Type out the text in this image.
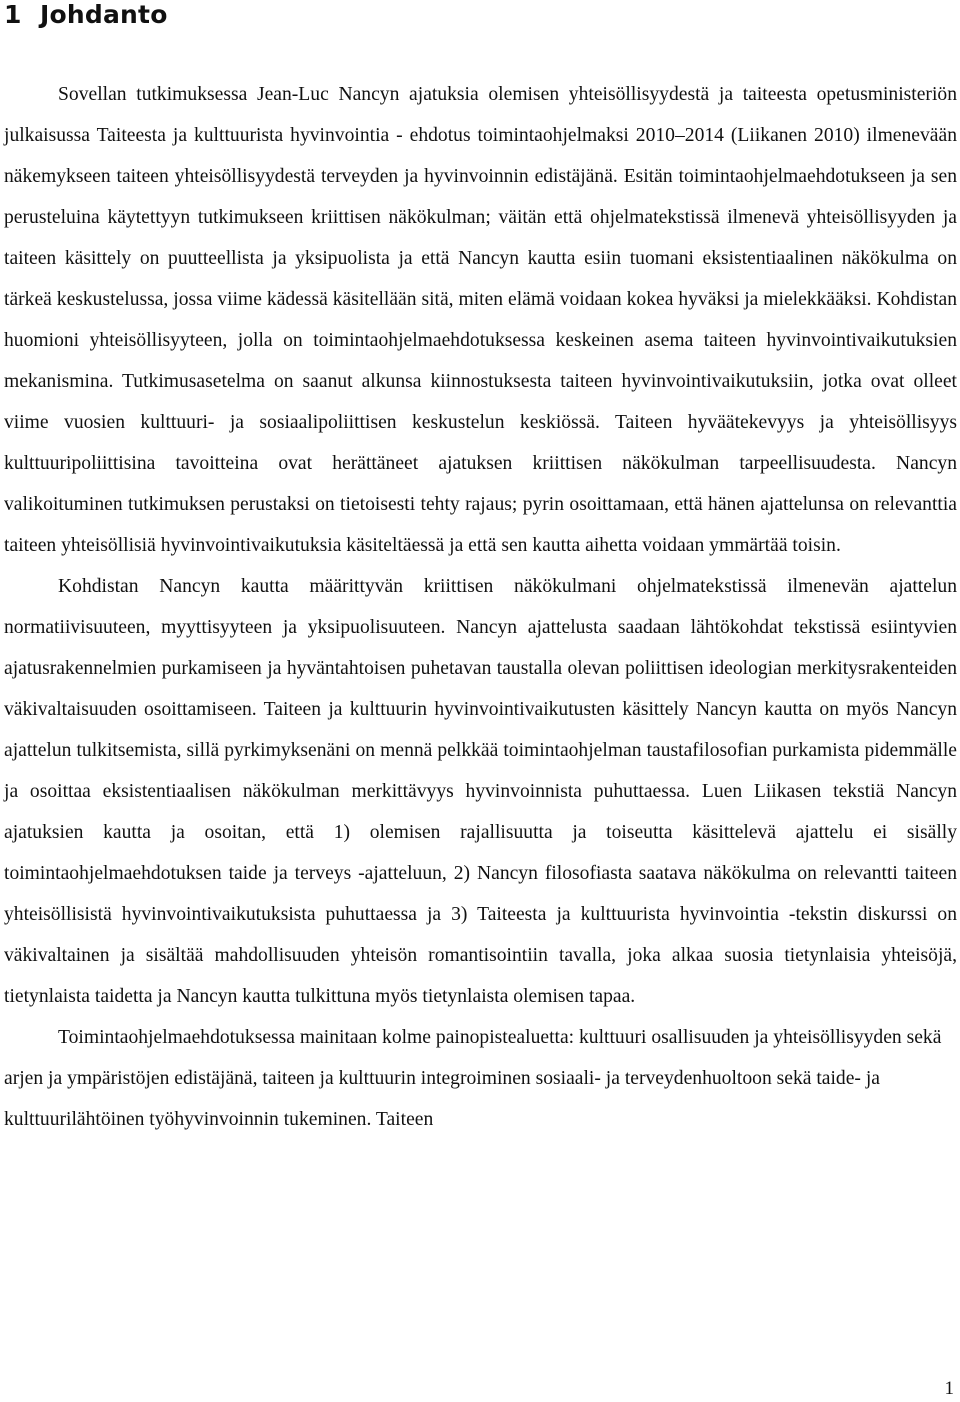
1 Johdanto

Sovellan tutkimuksessa Jean-Luc Nancyn ajatuksia olemisen yhteisöllisyydestä ja taiteesta opetusministeriön julkaisussa Taiteesta ja kulttuurista hyvinvointia - ehdotus toimintaohjelmaksi 2010–2014 (Liikanen 2010) ilmenevään näkemykseen taiteen yhteisöllisyydestä terveyden ja hyvinvoinnin edistäjänä. Esitän toimintaohjelmaehdotukseen ja sen perusteluina käytettyyn tutkimukseen kriittisen näkökulman; väitän että ohjelmatekstissä ilmenevä yhteisöllisyyden ja taiteen käsittely on puutteellista ja yksipuolista ja että Nancyn kautta esiin tuomani eksistentiaalinen näkökulma on tärkeä keskustelussa, jossa viime kädessä käsitellään sitä, miten elämä voidaan kokea hyväksi ja mielekkääksi. Kohdistan huomioni yhteisöllisyyteen, jolla on toimintaohjelmaehdotuksessa keskeinen asema taiteen hyvinvointivaikutuksien mekanismina. Tutkimusasetelma on saanut alkunsa kiinnostuksesta taiteen hyvinvointivaikutuksiin, jotka ovat olleet viime vuosien kulttuuri- ja sosiaalipoliittisen keskustelun keskiössä. Taiteen hyväätekevyys ja yhteisöllisyys kulttuuripoliittisina tavoitteina ovat herättäneet ajatuksen kriittisen näkökulman tarpeellisuudesta. Nancyn valikoituminen tutkimuksen perustaksi on tietoisesti tehty rajaus; pyrin osoittamaan, että hänen ajattelunsa on relevanttia taiteen yhteisöllisiä hyvinvointivaikutuksia käsiteltäessä ja että sen kautta aihetta voidaan ymmärtää toisin.

Kohdistan Nancyn kautta määrittyvän kriittisen näkökulmani ohjelmatekstissä ilmenevän ajattelun normatiivisuuteen, myyttisyyteen ja yksipuolisuuteen. Nancyn ajattelusta saadaan lähtökohdat tekstissä esiintyvien ajatusrakennelmien purkamiseen ja hyväntahtoisen puhetavan taustalla olevan poliittisen ideologian merkitysrakenteiden väkivaltaisuuden osoittamiseen. Taiteen ja kulttuurin hyvinvointivaikutusten käsittely Nancyn kautta on myös Nancyn ajattelun tulkitsemista, sillä pyrkimyksenäni on mennä pelkkää toimintaohjelman taustafilosofian purkamista pidemmälle ja osoittaa eksistentiaalisen näkökulman merkittävyys hyvinvoinnista puhuttaessa. Luen Liikasen tekstiä Nancyn ajatuksien kautta ja osoitan, että 1) olemisen rajallisuutta ja toiseutta käsittelevä ajattelu ei sisälly toimintaohjelmaehdotuksen taide ja terveys -ajatteluun, 2) Nancyn filosofiasta saatava näkökulma on relevantti taiteen yhteisöllisistä hyvinvointivaikutuksista puhuttaessa ja 3) Taiteesta ja kulttuurista hyvinvointia -tekstin diskurssi on väkivaltainen ja sisältää mahdollisuuden yhteisön romantisointiin tavalla, joka alkaa suosia tietynlaisia yhteisöjä, tietynlaista taidetta ja Nancyn kautta tulkittuna myös tietynlaista olemisen tapaa.

Toimintaohjelmaehdotuksessa mainitaan kolme painopistealuetta: kulttuuri osallisuuden ja yhteisöllisyyden sekä arjen ja ympäristöjen edistäjänä, taiteen ja kulttuurin integroiminen sosiaali- ja terveydenhuoltoon sekä taide- ja kulttuurilähtöinen työhyvinvoinnin tukeminen. Taiteen

1
